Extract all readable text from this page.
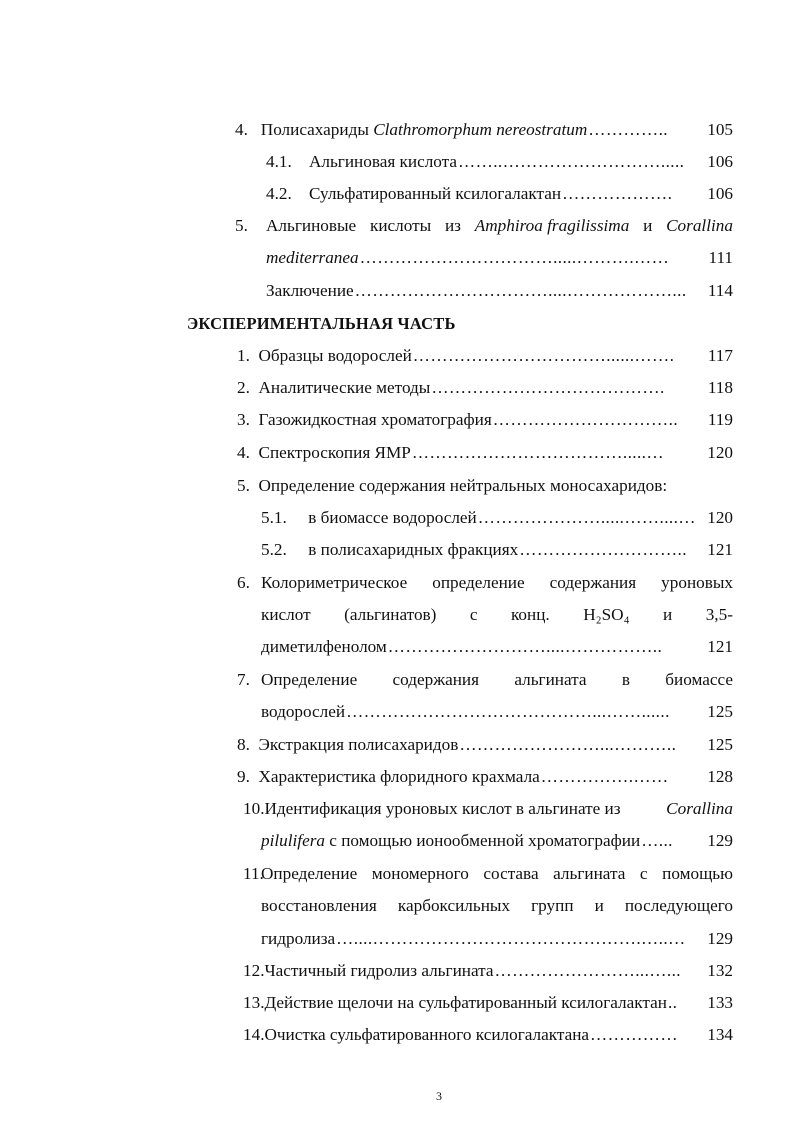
4. Полисахариды Clathromorphum nereostratum …………..	105
4.1. Альгиновая кислота ……..……………………….....	106
4.2. Сульфатированный ксилогалактан ……………….	106
5. Альгиновые кислоты из Amphiroa fragilissima и Corallina
mediterranea …………………………….....……….……	111
Заключение ……………………………....………………...	114
ЭКСПЕРИМЕНТАЛЬНАЯ ЧАСТЬ
1. Образцы водорослей ……………………………......…….	117
2. Аналитические методы ………………………………….	118
3. Газожидкостная хроматография …………………………..	119
4. Спектроскопия ЯМР ……………………………….....…	120
5. Определение содержания нейтральных моносахаридов:
5.1. в биомассе водорослей ………………….....……....… 120
5.2. в полисахаридных фракциях ………………………..	121
6. Колориметрическое определение содержания уроновых
кислот (альгинатов) с конц. H₂SO₄ и 3,5-
диметилфенолом ………………………....……………..	121
7. Определение содержания альгината в биомассе
водорослей ……………………………………...……......	125
8. Экстракция полисахаридов ……………………...………..	125
9. Характеристика флоридного крахмала …………….……	128
10.Идентификация уроновых кислот в альгинате из	Corallina
pilulifera с помощью ионообменной хроматографии …...	129
11.
Определение мономерного состава альгината с помощью
восстановления карбоксильных групп и последующего
гидролиза …....……………………………………….…..…	129
12.Частичный гидролиз альгината ……………………...…...	132
13.Действие щелочи на сульфатированный ксилогалактан ..	133
14.Очистка сульфатированного ксилогалактана ……………	134
3
